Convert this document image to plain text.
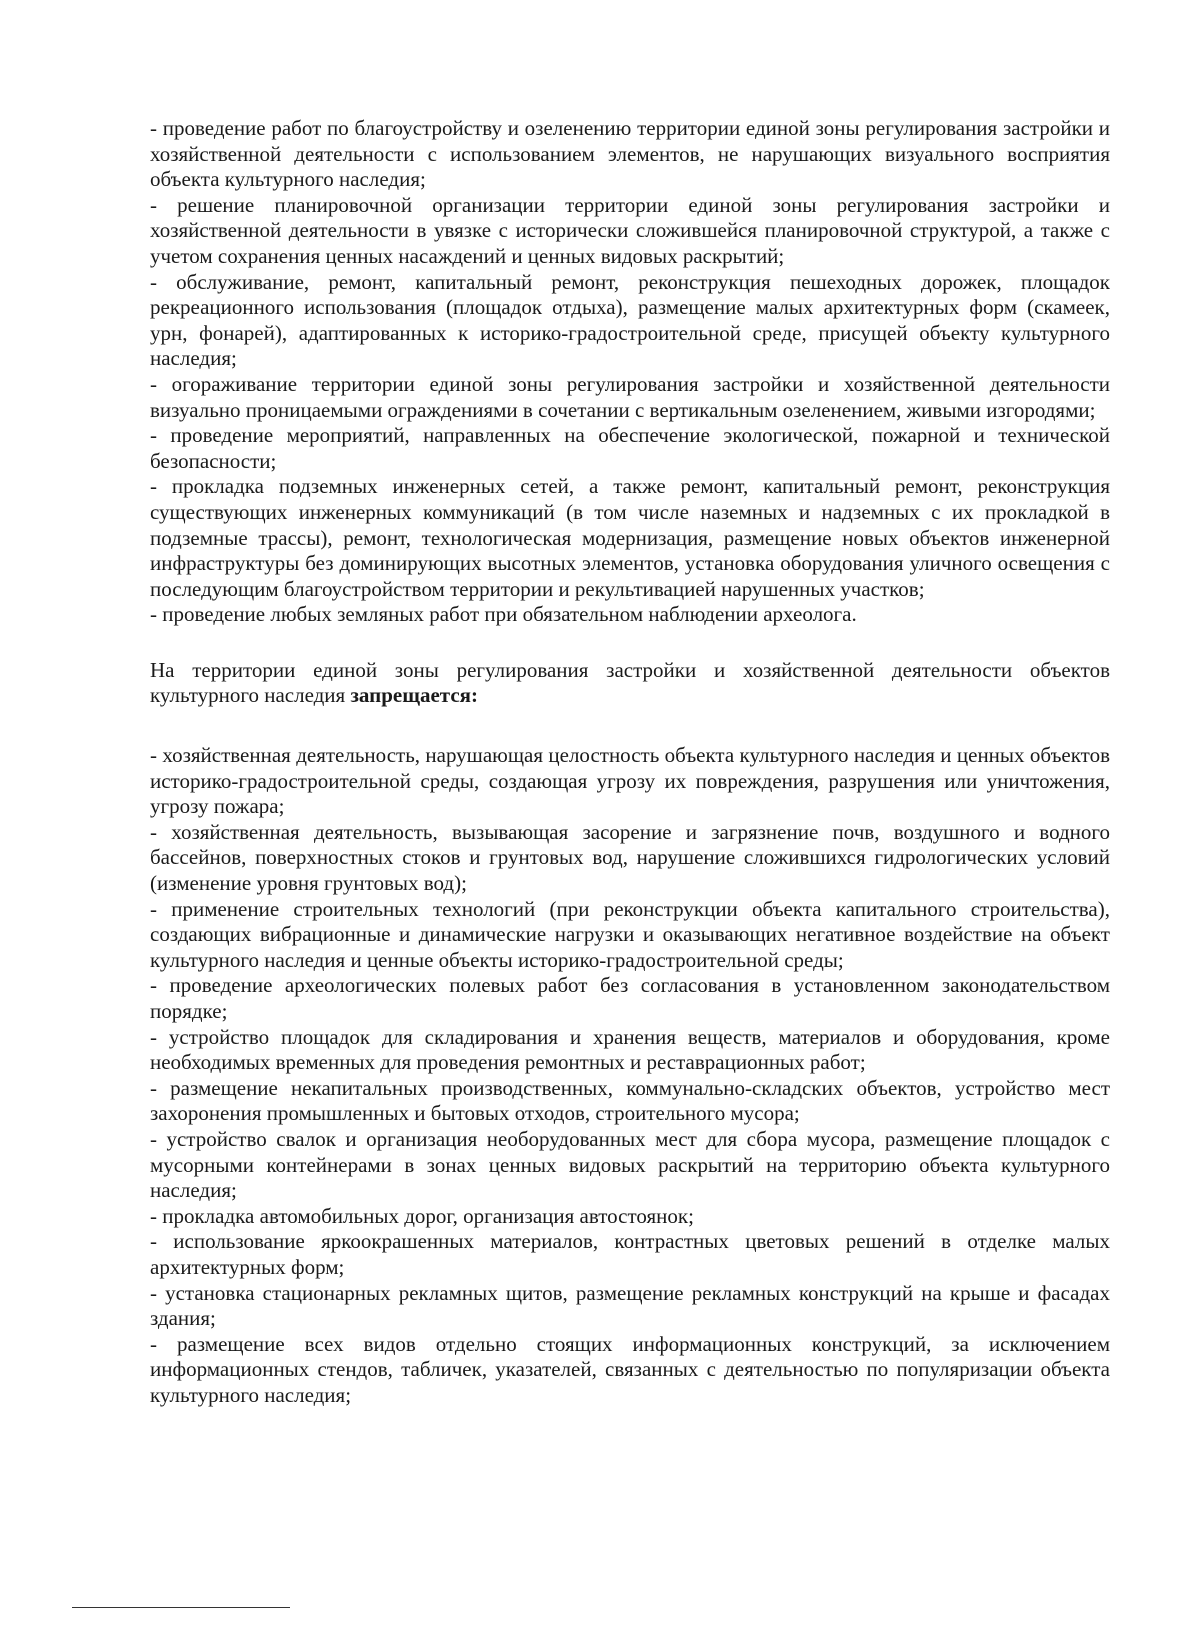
- проведение работ по благоустройству и озеленению территории единой зоны регулирования застройки и хозяйственной деятельности с использованием элементов, не нарушающих визуального восприятия объекта культурного наследия;

- решение планировочной организации территории единой зоны регулирования застройки и хозяйственной деятельности в увязке с исторически сложившейся планировочной структурой, а также с учетом сохранения ценных насаждений и ценных видовых раскрытий;

- обслуживание, ремонт, капитальный ремонт, реконструкция пешеходных дорожек, площадок рекреационного использования (площадок отдыха), размещение малых архитектурных форм (скамеек, урн, фонарей), адаптированных к историко-градостроительной среде, присущей объекту культурного наследия;

- огораживание территории единой зоны регулирования застройки и хозяйственной деятельности визуально проницаемыми ограждениями в сочетании с вертикальным озеленением, живыми изгородями;

- проведение мероприятий, направленных на обеспечение экологической, пожарной и технической безопасности;

- прокладка подземных инженерных сетей, а также ремонт, капитальный ремонт, реконструкция существующих инженерных коммуникаций (в том числе наземных и надземных с их прокладкой в подземные трассы), ремонт, технологическая модернизация, размещение новых объектов инженерной инфраструктуры без доминирующих высотных элементов, установка оборудования уличного освещения с последующим благоустройством территории и рекультивацией нарушенных участков;

- проведение любых земляных работ при обязательном наблюдении археолога.

На территории единой зоны регулирования застройки и хозяйственной деятельности объектов культурного наследия запрещается:

- хозяйственная деятельность, нарушающая целостность объекта культурного наследия и ценных объектов историко-градостроительной среды, создающая угрозу их повреждения, разрушения или уничтожения, угрозу пожара;

- хозяйственная деятельность, вызывающая засорение и загрязнение почв, воздушного и водного бассейнов, поверхностных стоков и грунтовых вод, нарушение сложившихся гидрологических условий (изменение уровня грунтовых вод);

- применение строительных технологий (при реконструкции объекта капитального строительства), создающих вибрационные и динамические нагрузки и оказывающих негативное воздействие на объект культурного наследия и ценные объекты историко-градостроительной среды;

- проведение археологических полевых работ без согласования в установленном законодательством порядке;

- устройство площадок для складирования и хранения веществ, материалов и оборудования, кроме необходимых временных для проведения ремонтных и реставрационных работ;

- размещение некапитальных производственных, коммунально-складских объектов, устройство мест захоронения промышленных и бытовых отходов, строительного мусора;

- устройство свалок и организация необорудованных мест для сбора мусора, размещение площадок с мусорными контейнерами в зонах ценных видовых раскрытий на территорию объекта культурного наследия;

- прокладка автомобильных дорог, организация автостоянок;

- использование яркоокрашенных материалов, контрастных цветовых решений в отделке малых архитектурных форм;

- установка стационарных рекламных щитов, размещение рекламных конструкций на крыше и фасадах здания;

- размещение всех видов отдельно стоящих информационных конструкций, за исключением информационных стендов, табличек, указателей, связанных с деятельностью по популяризации объекта культурного наследия;
